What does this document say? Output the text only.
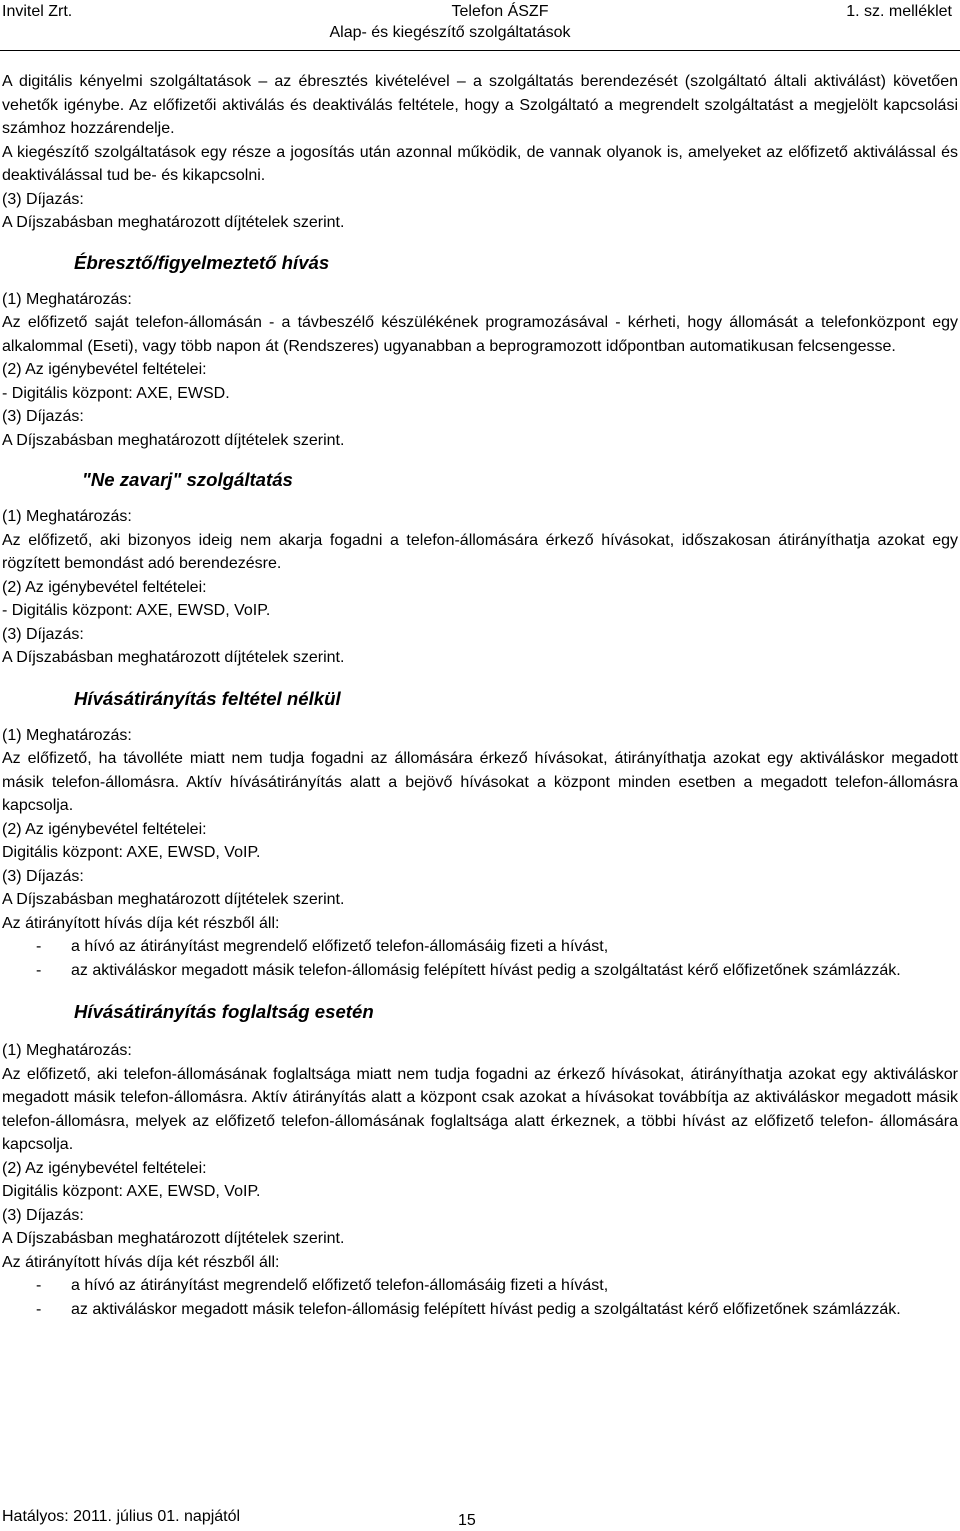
Invitel Zrt.	Telefon ÁSZF
Alap- és kiegészítő szolgáltatások
1. sz. melléklet

A digitális kényelmi szolgáltatások – az ébresztés kivételével – a szolgáltatás berendezését (szolgáltató általi aktiválást) követően vehetők igénybe. Az előfizetői aktiválás és deaktiválás feltétele, hogy a Szolgáltató a megrendelt szolgáltatást a megjelölt kapcsolási számhoz hozzárendelje.

A kiegészítő szolgáltatások egy része a jogosítás után azonnal működik, de vannak olyanok is, amelyeket az előfizető aktiválással és deaktiválással tud be- és kikapcsolni.

(3) Díjazás:

A Díjszabásban meghatározott díjtételek szerint.

Ébresztő/figyelmeztető hívás

(1) Meghatározás:

Az előfizető saját telefon-állomásán - a távbeszélő készülékének programozásával - kérheti, hogy állomását a telefonközpont egy alkalommal (Eseti), vagy több napon át (Rendszeres) ugyanabban a beprogramozott időpontban automatikusan felcsengesse.

(2) Az igénybevétel feltételei:

- Digitális központ: AXE, EWSD.

(3) Díjazás:

A Díjszabásban meghatározott díjtételek szerint.

"Ne zavarj" szolgáltatás

(1) Meghatározás:

Az előfizető, aki bizonyos ideig nem akarja fogadni a telefon-állomására érkező hívásokat, időszakosan átirányíthatja azokat egy rögzített bemondást adó berendezésre.

(2) Az igénybevétel feltételei:

- Digitális központ: AXE, EWSD, VoIP.

(3) Díjazás:

A Díjszabásban meghatározott díjtételek szerint.

Hívásátirányítás feltétel nélkül

(1) Meghatározás:

Az előfizető, ha távolléte miatt nem tudja fogadni az állomására érkező hívásokat, átirányíthatja azokat egy aktiváláskor megadott másik telefon-állomásra. Aktív hívásátirányítás alatt a bejövő hívásokat a központ minden esetben a megadott telefon-állomásra kapcsolja.

(2) Az igénybevétel feltételei:

Digitális központ: AXE, EWSD, VoIP.

(3) Díjazás:

A Díjszabásban meghatározott díjtételek szerint.

Az átirányított hívás díja két részből áll:

- a hívó az átirányítást megrendelő előfizető telefon-állomásáig fizeti a hívást,
- az aktiváláskor megadott másik telefon-állomásig felépített hívást pedig a szolgáltatást kérő előfizetőnek számlázzák.
Hívásátirányítás foglaltság esetén

(1) Meghatározás:

Az előfizető, aki telefon-állomásának foglaltsága miatt nem tudja fogadni az érkező hívásokat, átirányíthatja azokat egy aktiváláskor megadott másik telefon-állomásra. Aktív átirányítás alatt a központ csak azokat a hívásokat továbbítja az aktiváláskor megadott másik telefon-állomásra, melyek az előfizető telefon-állomásának foglaltsága alatt érkeznek, a többi hívást az előfizető telefon- állomására kapcsolja.

(2) Az igénybevétel feltételei:

Digitális központ: AXE, EWSD, VoIP.

(3) Díjazás:

A Díjszabásban meghatározott díjtételek szerint.

Az átirányított hívás díja két részből áll:

- a hívó az átirányítást megrendelő előfizető telefon-állomásáig fizeti a hívást,
- az aktiváláskor megadott másik telefon-állomásig felépített hívást pedig a szolgáltatást kérő előfizetőnek számlázzák.
Hatályos: 2011. július 01. napjától	15
